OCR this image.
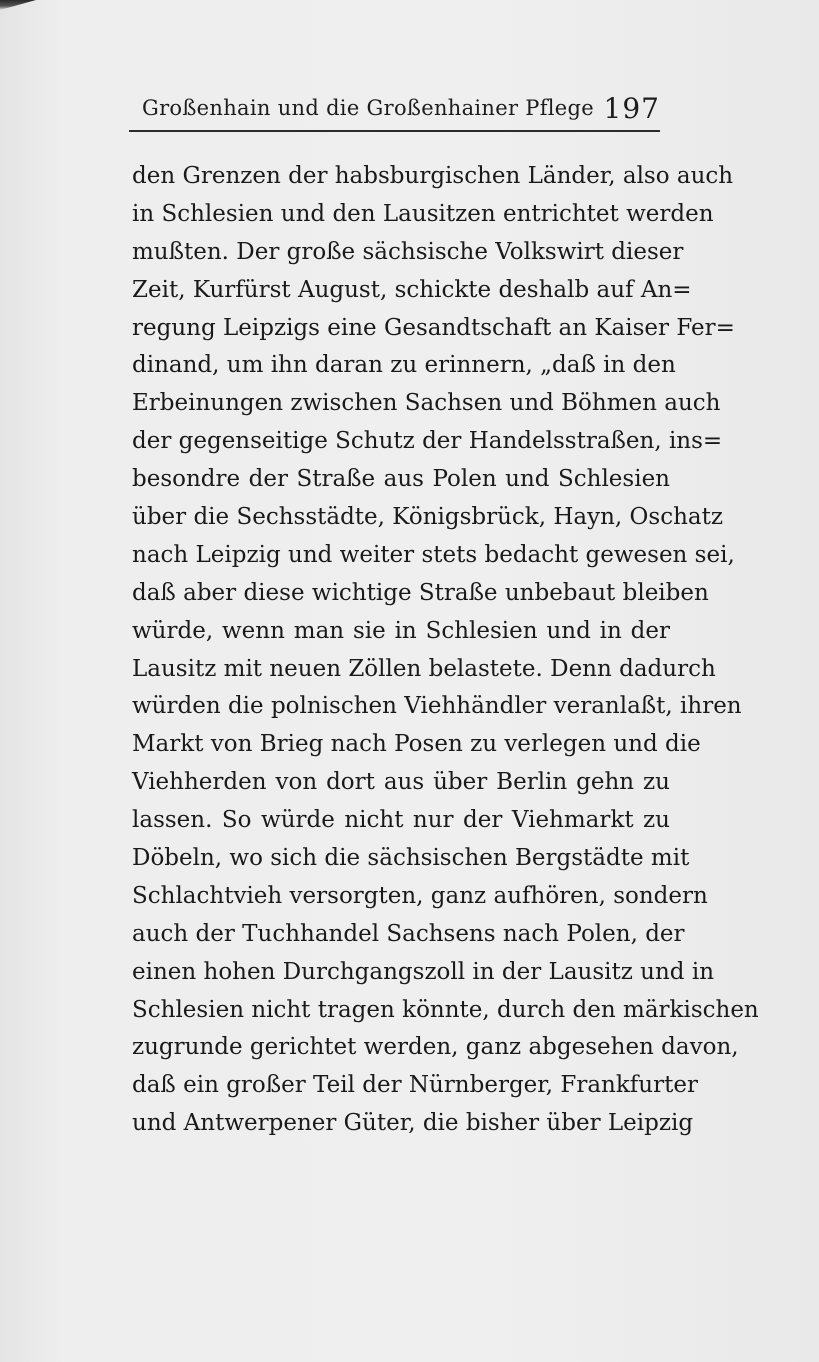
Großenhain und die Großenhainer Pflege 197
den Grenzen der habsburgischen Länder, also auch
in Schlesien und den Lausitzen entrichtet werden
mußten. Der große sächsische Volkswirt dieser
Zeit, Kurfürst August, schickte deshalb auf An=
regung Leipzigs eine Gesandtschaft an Kaiser Fer=
dinand, um ihn daran zu erinnern, „daß in den
Erbeinungen zwischen Sachsen und Böhmen auch
der gegenseitige Schutz der Handelsstraßen, ins=
besondre der Straße aus Polen und Schlesien
über die Sechsstädte, Königsbrück, Hayn, Oschatz
nach Leipzig und weiter stets bedacht gewesen sei,
daß aber diese wichtige Straße unbebaut bleiben
würde, wenn man sie in Schlesien und in der
Lausitz mit neuen Zöllen belastete. Denn dadurch
würden die polnischen Viehhändler veranlaßt, ihren
Markt von Brieg nach Posen zu verlegen und die
Viehherden von dort aus über Berlin gehn zu
lassen. So würde nicht nur der Viehmarkt zu
Döbeln, wo sich die sächsischen Bergstädte mit
Schlachtvieh versorgten, ganz aufhören, sondern
auch der Tuchhandel Sachsens nach Polen, der
einen hohen Durchgangszoll in der Lausitz und in
Schlesien nicht tragen könnte, durch den märkischen
zugrunde gerichtet werden, ganz abgesehen davon,
daß ein großer Teil der Nürnberger, Frankfurter
und Antwerpener Güter, die bisher über Leipzig
